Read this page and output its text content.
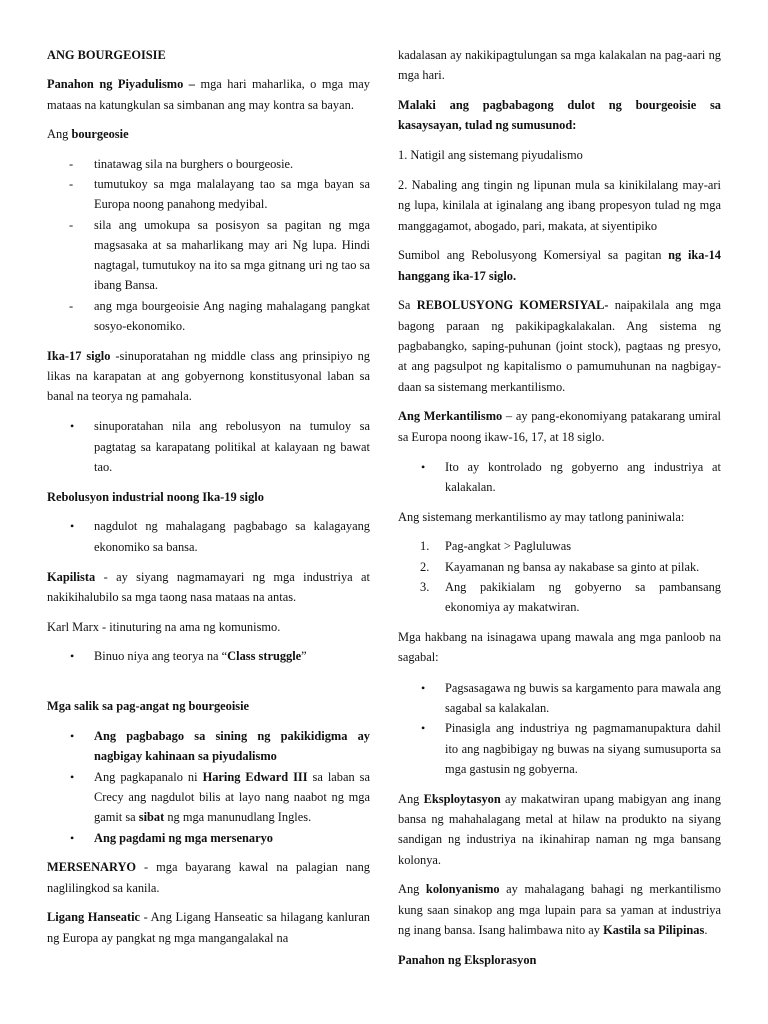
ANG BOURGEOISIE

Panahon ng Piyadulismo – mga hari maharlika, o mga may mataas na katungkulan sa simbanan ang may kontra sa bayan.

Ang bourgeosie

- tinatawag sila na burghers o bourgeosie.
- tumutukoy sa mga malalayang tao sa mga bayan sa Europa noong panahong medyibal.
- sila ang umokupa sa posisyon sa pagitan ng mga magsasaka at sa maharlikang may ari Ng lupa. Hindi nagtagal, tumutukoy na ito sa mga gitnang uri ng tao sa ibang Bansa.
- ang mga bourgeoisie Ang naging mahalagang pangkat sosyo-ekonomiko.

Ika-17 siglo -sinuporatahan ng middle class ang prinsipiyo ng likas na karapatan at ang gobyernong konstitusyonal laban sa banal na teorya ng pamahala.

• sinuporatahan nila ang rebolusyon na tumuloy sa pagtatag sa karapatang politikal at kalayaan ng bawat tao.

Rebolusyon industrial noong Ika-19 siglo

• nagdulot ng mahalagang pagbabago sa kalagayang ekonomiko sa bansa.

Kapilista - ay siyang nagmamayari ng mga industriya at nakikihalubilo sa mga taong nasa mataas na antas.

Karl Marx - itinuturing na ama ng komunismo.

• Binuo niya ang teorya na “Class struggle”

Mga salik sa pag-angat ng bourgeoisie

• Ang pagbabago sa sining ng pakikidigma ay nagbigay kahinaan sa piyudalismo
• Ang pagkapanalo ni Haring Edward III sa laban sa Crecy ang nagdulot bilis at layo nang naabot ng mga gamit sa sibat ng mga manunudlang Ingles.
• Ang pagdami ng mga mersenaryo

MERSENARYO - mga bayarang kawal na palagian nang naglilingkod sa kanila.

Ligang Hanseatic - Ang Ligang Hanseatic sa hilagang kanluran ng Europa ay pangkat ng mga mangangalakal na

kadalasan ay nakikipagtulungan sa mga kalakalan na pag-aari ng mga hari.

Malaki ang pagbabagong dulot ng bourgeoisie sa kasaysayan, tulad ng sumusunod:

1. Natigil ang sistemang piyudalismo

2. Nabaling ang tingin ng lipunan mula sa kinikilalang may-ari ng lupa, kinilala at iginalang ang ibang propesyon tulad ng mga manggagamot, abogado, pari, makata, at siyentipiko

Sumibol ang Rebolusyong Komersiyal sa pagitan ng ika-14 hanggang ika-17 siglo.

Sa REBOLUSYONG KOMERSIYAL- naipakilala ang mga bagong paraan ng pakikipagkalakalan. Ang sistema ng pagbabangko, saping-puhunan (joint stock), pagtaas ng presyo, at ang pagsulpot ng kapitalismo o pamumuhunan na nagbigay-daan sa sistemang merkantilismo.

Ang Merkantilismo – ay pang-ekonomiyang patakarang umiral sa Europa noong ikaw-16, 17, at 18 siglo.

• Ito ay kontrolado ng gobyerno ang industriya at kalakalan.

Ang sistemang merkantilismo ay may tatlong paniniwala:

1. Pag-angkat > Pagluluwas
2. Kayamanan ng bansa ay nakabase sa ginto at pilak.
3. Ang pakikialam ng gobyerno sa pambansang ekonomiya ay makatwiran.

Mga hakbang na isinagawa upang mawala ang mga panloob na sagabal:

• Pagsasagawa ng buwis sa kargamento para mawala ang sagabal sa kalakalan.
• Pinasigla ang industriya ng pagmamanupaktura dahil ito ang nagbibigay ng buwas na siyang sumusuporta sa mga gastusin ng gobyerna.

Ang Eksploytasyon ay makatwiran upang mabigyan ang inang bansa ng mahahalagang metal at hilaw na produkto na siyang sandigan ng industriya na ikinahirap naman ng mga bansang kolonya.

Ang kolonyanismo ay mahalagang bahagi ng merkantilismo kung saan sinakop ang mga lupain para sa yaman at industriya ng inang bansa. Isang halimbawa nito ay Kastila sa Pilipinas.

Panahon ng Eksplorasyon
